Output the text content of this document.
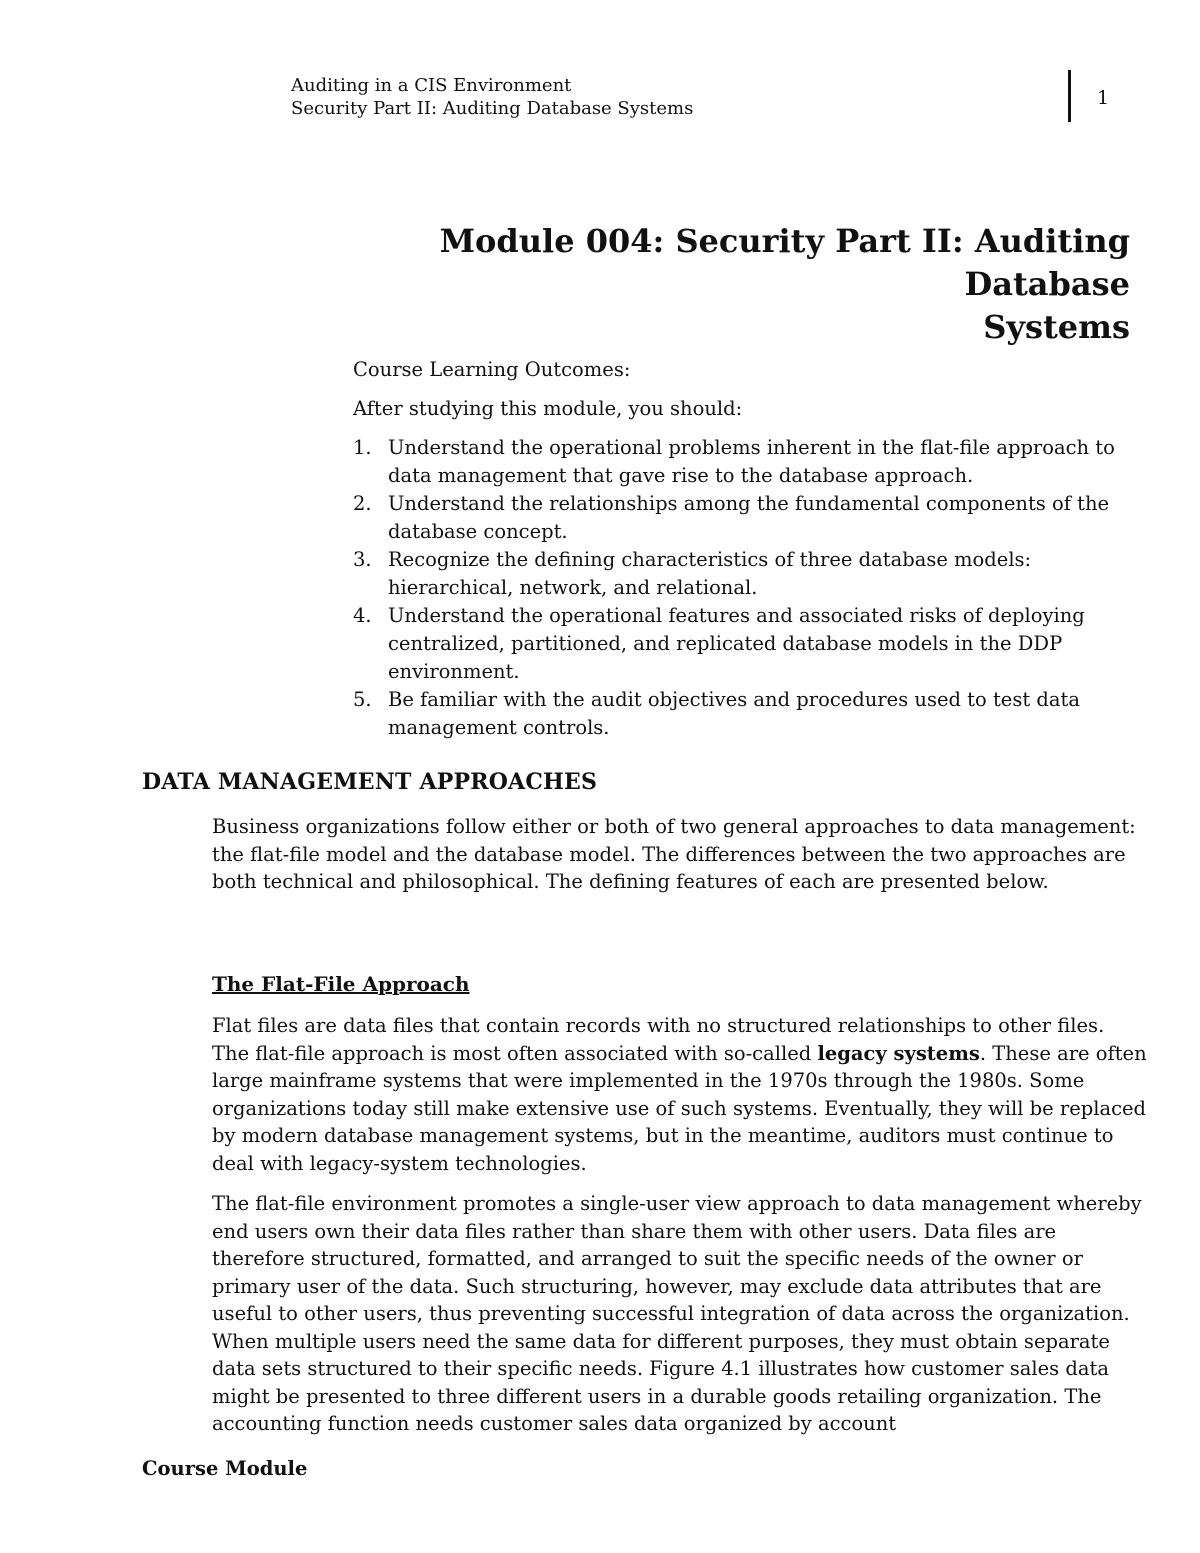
Auditing in a CIS Environment
Security Part II: Auditing Database Systems	1
Module 004: Security Part II: Auditing Database
Systems

Course Learning Outcomes:

After studying this module, you should:

1. Understand the operational problems inherent in the flat-file approach to data management that gave rise to the database approach.
2. Understand the relationships among the fundamental components of the database concept.
3. Recognize the defining characteristics of three database models: hierarchical, network, and relational.
4. Understand the operational features and associated risks of deploying centralized, partitioned, and replicated database models in the DDP environment.
5. Be familiar with the audit objectives and procedures used to test data management controls.
DATA MANAGEMENT APPROACHES

Business organizations follow either or both of two general approaches to data management: the flat-file model and the database model. The differences between the two approaches are both technical and philosophical. The defining features of each are presented below.

The Flat-File Approach

Flat files are data files that contain records with no structured relationships to other files. The flat-file approach is most often associated with so-called legacy systems. These are often large mainframe systems that were implemented in the 1970s through the 1980s. Some organizations today still make extensive use of such systems. Eventually, they will be replaced by modern database management systems, but in the meantime, auditors must continue to deal with legacy-system technologies.

The flat-file environment promotes a single-user view approach to data management whereby end users own their data files rather than share them with other users. Data files are therefore structured, formatted, and arranged to suit the specific needs of the owner or primary user of the data. Such structuring, however, may exclude data attributes that are useful to other users, thus preventing successful integration of data across the organization. When multiple users need the same data for different purposes, they must obtain separate data sets structured to their specific needs. Figure 4.1 illustrates how customer sales data might be presented to three different users in a durable goods retailing organization. The accounting function needs customer sales data organized by account

Course Module
